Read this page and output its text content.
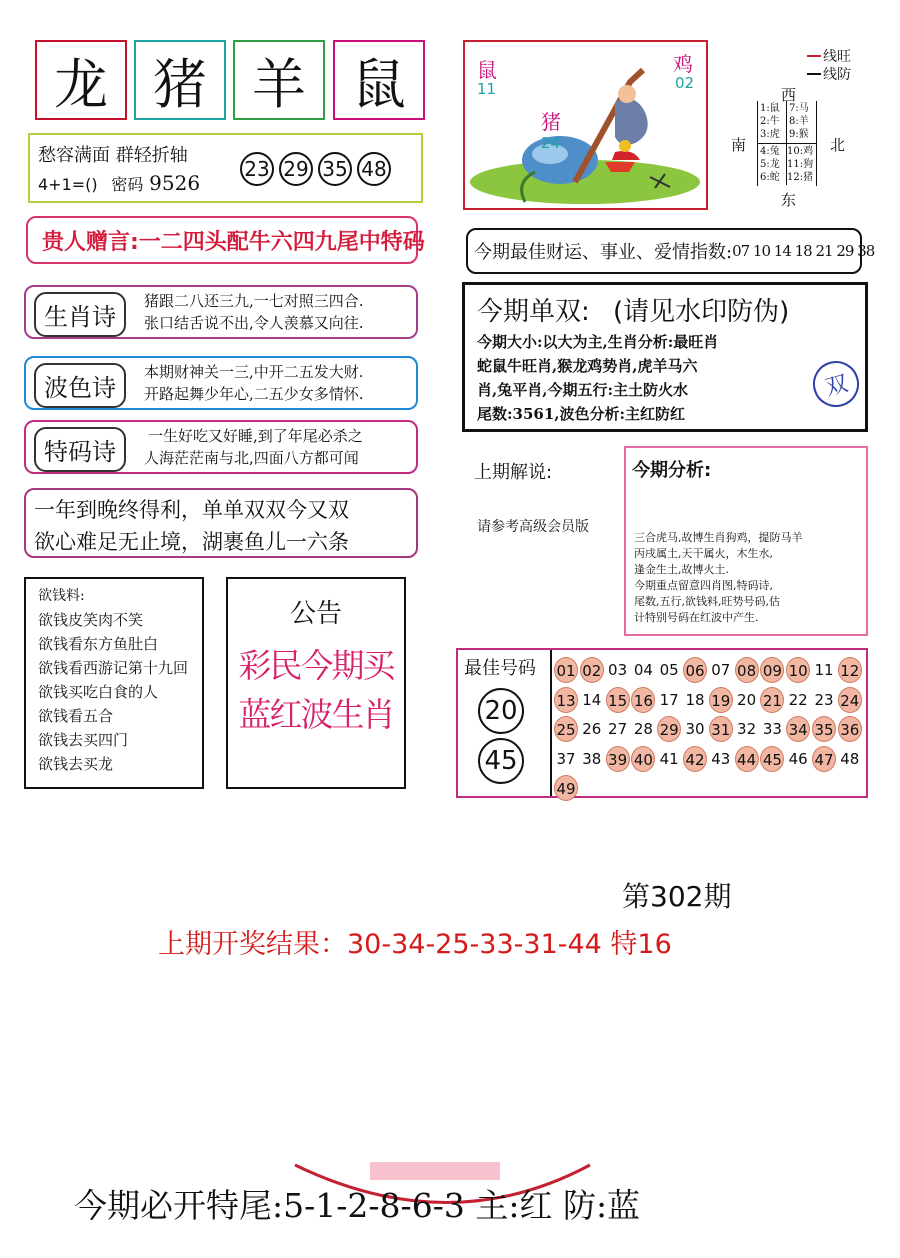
龙 猪 羊 鼠
愁容满面 群轻折轴
4+1=() 密码 9526
23 29 35 48
贵人赠言:一二四头配牛六四九尾中特码
生肖诗
猪跟二八还三九,一七对照三四合.
张口结舌说不出,令人羡慕又向往.
波色诗
本期财神关一三,中开二五发大财.
开路起舞少年心,二五少女多情怀.
特码诗
一生好吃又好睡,到了年尾必杀之
人海茫茫南与北,四面八方都可闻
一年到晚终得利，单单双双今又双
欲心难足无止境，湖裹鱼儿一六条
欲钱料:
欲钱皮笑肉不笑
欲钱看东方鱼肚白
欲钱看西游记第十九回
欲钱买吃白食的人
欲钱看五合
欲钱去买四门
欲钱去买龙
公告
彩民今期买
蓝红波生肖
鼠
11
鸡
02
猪
24
线旺
线防
西
南	北
东
1:鼠
2:牛
3:虎
7:马
8:羊
9:猴
4:兔
5:龙
6:蛇
10:鸡
11:狗
12:猪
今期最佳财运、事业、爱情指数: 07 10 14 18 21 29 38
今期单双: (请见水印防伪)
今期大小:以大为主,生肖分析:最旺肖
蛇鼠牛旺肖,猴龙鸡势肖,虎羊马六
肖,兔平肖,今期五行:主土防火水
尾数:3561,波色分析:主红防红
双
上期解说:
请参考高级会员版
今期分析:
三合虎马,故博生肖狗鸡，提防马羊
丙戌属土,天干属火，木生水,
逢金生土,故博火土.
今期重点留意四肖图,特码诗,
尾数,五行,欲钱料,旺势号码,估
计特别号码在红波中产生.
最佳号码
20
45
01 02 03 04 05 06 07 08 09 10 11 12
13 14 15 16 17 18 19 20 21 22 23 24
25 26 27 28 29 30 31 32 33 34 35 36
37 38 39 40 41 42 43 44 45 46 47 48
49
第302期
上期开奖结果：30-34-25-33-31-44 特16
今期必开特尾:5-1-2-8-6-3 主:红 防:蓝
